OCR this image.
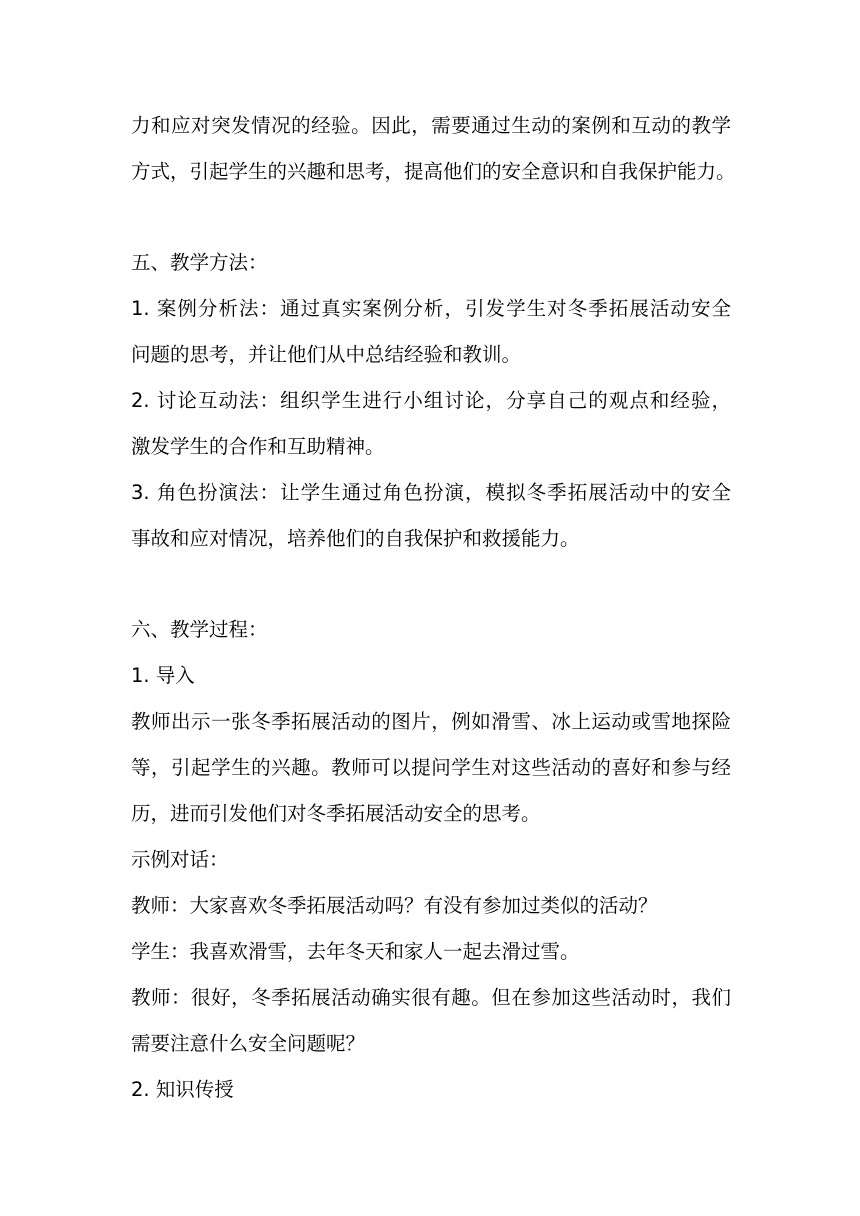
力和应对突发情况的经验。因此，需要通过生动的案例和互动的教学
方式，引起学生的兴趣和思考，提高他们的安全意识和自我保护能力。
五、教学方法：
1. 案例分析法：通过真实案例分析，引发学生对冬季拓展活动安全
问题的思考，并让他们从中总结经验和教训。
2. 讨论互动法：组织学生进行小组讨论，分享自己的观点和经验，
激发学生的合作和互助精神。
3. 角色扮演法：让学生通过角色扮演，模拟冬季拓展活动中的安全
事故和应对情况，培养他们的自我保护和救援能力。
六、教学过程：
1. 导入
教师出示一张冬季拓展活动的图片，例如滑雪、冰上运动或雪地探险
等，引起学生的兴趣。教师可以提问学生对这些活动的喜好和参与经
历，进而引发他们对冬季拓展活动安全的思考。
示例对话：
教师：大家喜欢冬季拓展活动吗？有没有参加过类似的活动？
学生：我喜欢滑雪，去年冬天和家人一起去滑过雪。
教师：很好，冬季拓展活动确实很有趣。但在参加这些活动时，我们
需要注意什么安全问题呢？
2. 知识传授
